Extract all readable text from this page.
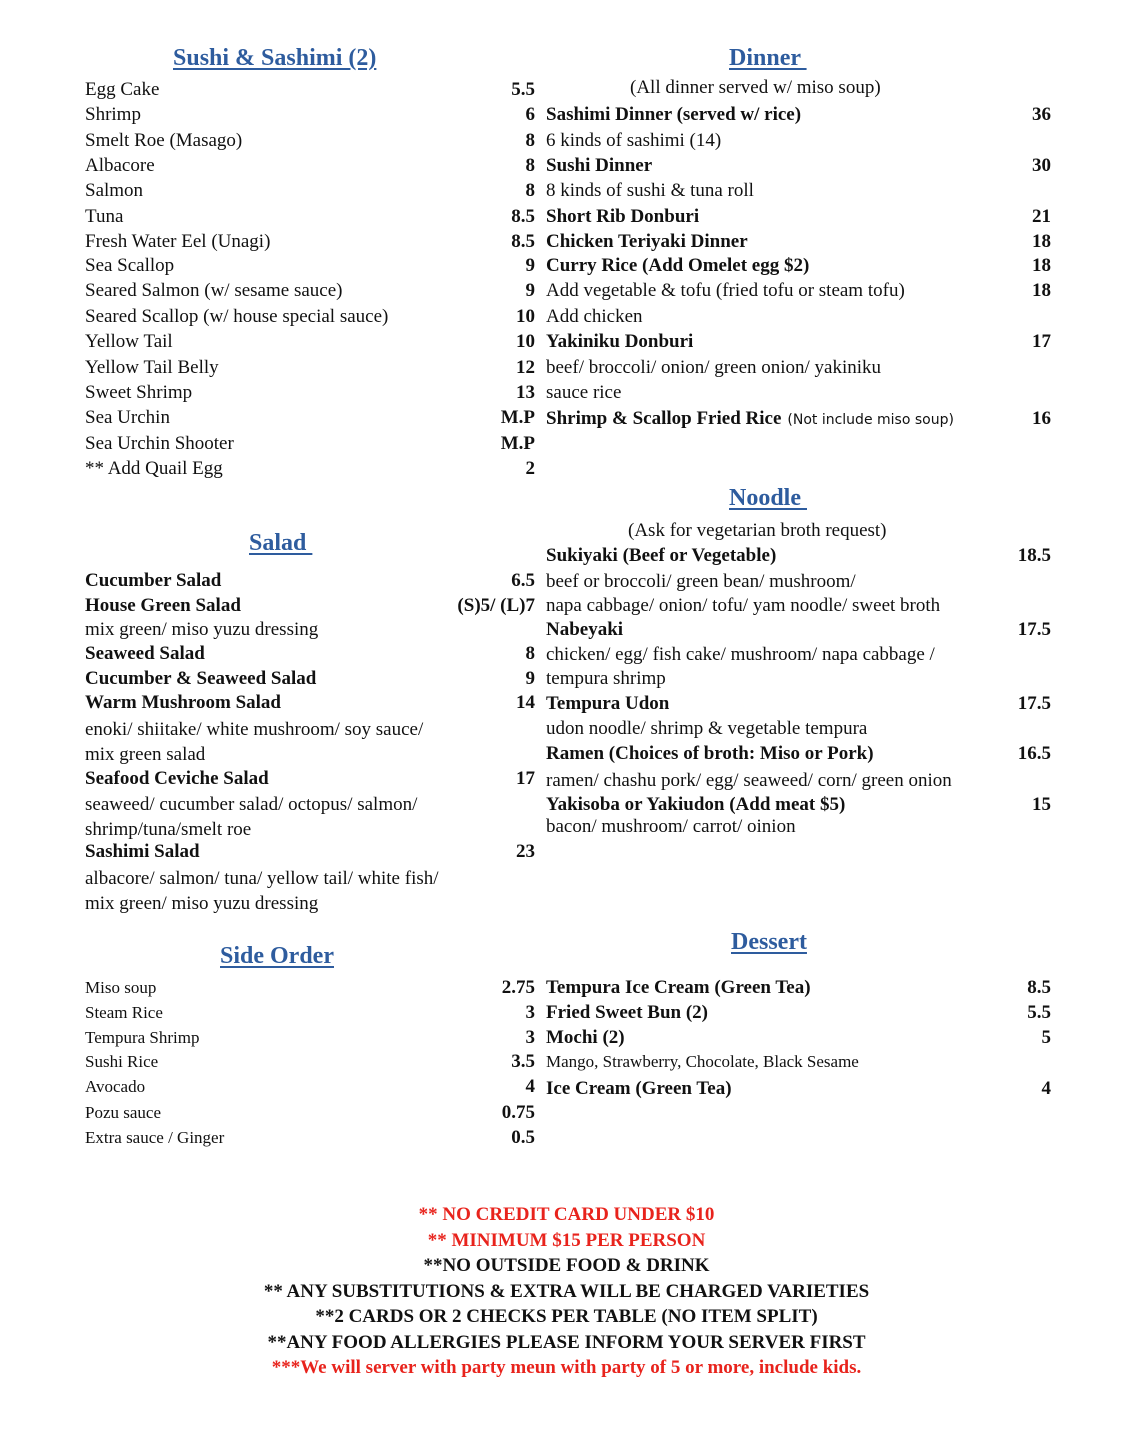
Sushi & Sashimi (2)
Egg Cake	5.5
Shrimp	6
Smelt Roe (Masago)	8
Albacore	8
Salmon	8
Tuna	8.5
Fresh Water Eel (Unagi)	8.5
Sea Scallop	9
Seared Salmon (w/ sesame sauce)	9
Seared Scallop (w/ house special sauce)	10
Yellow Tail	10
Yellow Tail Belly	12
Sweet Shrimp	13
Sea Urchin	M.P
Sea Urchin Shooter	M.P
** Add Quail Egg	2
Salad
Cucumber Salad	6.5
House Green Salad	(S)5/ (L)7
mix green/ miso yuzu dressing
Seaweed Salad	8
Cucumber & Seaweed Salad	9
Warm Mushroom Salad	14
enoki/ shiitake/ white mushroom/ soy sauce/
mix green salad
Seafood Ceviche Salad	17
seaweed/ cucumber salad/ octopus/ salmon/
shrimp/tuna/smelt roe
Sashimi Salad	23
albacore/ salmon/ tuna/ yellow tail/ white fish/
mix green/ miso yuzu dressing
Side Order
Miso soup	2.75
Steam Rice	3
Tempura Shrimp	3
Sushi Rice	3.5
Avocado	4
Pozu sauce	0.75
Extra sauce / Ginger	0.5
Dinner
(All dinner served w/ miso soup)
Sashimi Dinner (served w/ rice)	36
6 kinds of sashimi (14)
Sushi Dinner	30
8 kinds of sushi & tuna roll
Short Rib Donburi	21
Chicken Teriyaki Dinner	18
Curry Rice (Add Omelet egg $2)	18
Add vegetable & tofu (fried tofu or steam tofu)	18
Add chicken
Yakiniku Donburi	17
beef/ broccoli/ onion/ green onion/ yakiniku
sauce rice
Shrimp & Scallop Fried Rice (Not include miso soup)	16
Noodle
(Ask for vegetarian broth request)
Sukiyaki (Beef or Vegetable)	18.5
beef or broccoli/ green bean/ mushroom/
napa cabbage/ onion/ tofu/ yam noodle/ sweet broth
Nabeyaki	17.5
chicken/ egg/ fish cake/ mushroom/ napa cabbage /
tempura shrimp
Tempura Udon	17.5
udon noodle/ shrimp & vegetable tempura
Ramen (Choices of broth: Miso or Pork)	16.5
ramen/ chashu pork/ egg/ seaweed/ corn/ green onion
Yakisoba or Yakiudon (Add meat $5)	15
bacon/ mushroom/ carrot/ oinion
Dessert
Tempura Ice Cream (Green Tea)	8.5
Fried Sweet Bun (2)	5.5
Mochi (2)	5
Mango, Strawberry, Chocolate, Black Sesame
Ice Cream (Green Tea)	4
** NO CREDIT CARD UNDER $10
** MINIMUM $15 PER PERSON
**NO OUTSIDE FOOD & DRINK
** ANY SUBSTITUTIONS & EXTRA WILL BE CHARGED VARIETIES
**2 CARDS OR 2 CHECKS PER TABLE (NO ITEM SPLIT)
**ANY FOOD ALLERGIES PLEASE INFORM YOUR SERVER FIRST
***We will server with party meun with party of 5 or more, include kids.
